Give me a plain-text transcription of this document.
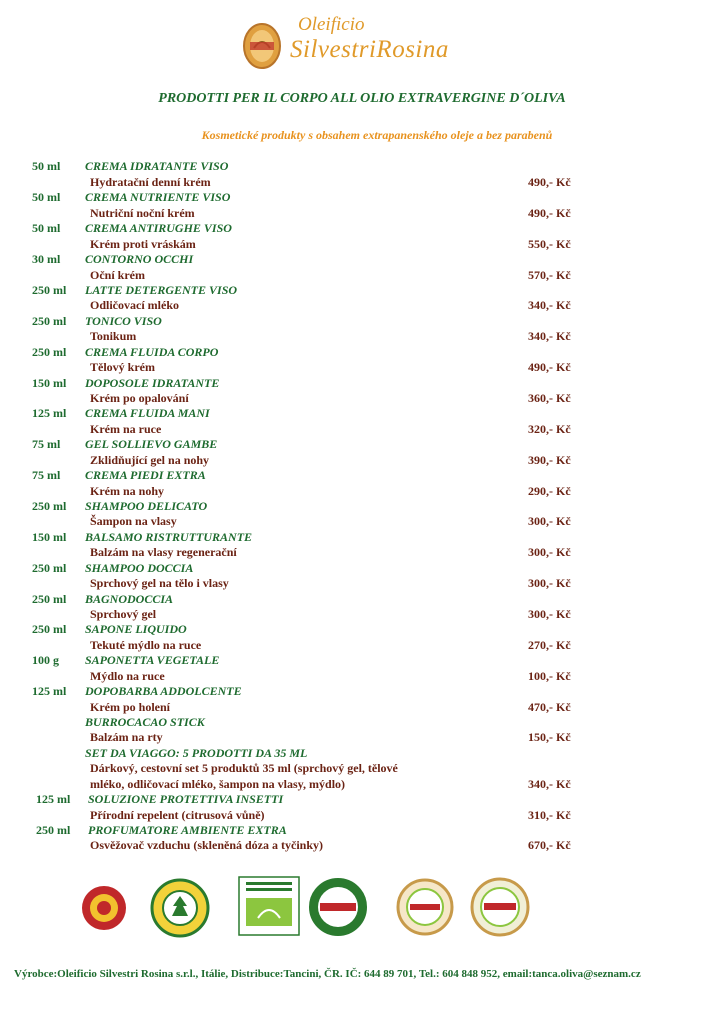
Oleificio
SilvestriRosina
PRODOTTI PER IL CORPO ALL OLIO EXTRAVERGINE D´OLIVA
Kosmetické produkty s obsahem extrapanenského oleje a bez parabenů
50 ml CREMA IDRATANTE VISO
Hydratační denní krém	490,- Kč
50 ml CREMA NUTRIENTE VISO
Nutriční noční krém	490,- Kč
50 ml CREMA ANTIRUGHE VISO
Krém proti vráskám	550,- Kč
30 ml CONTORNO OCCHI
Oční krém	570,- Kč
250 ml LATTE DETERGENTE VISO
Odličovací mléko	340,- Kč
250 ml TONICO VISO
Tonikum	340,- Kč
250 ml CREMA FLUIDA CORPO
Tělový krém	490,- Kč
150 ml DOPOSOLE IDRATANTE
Krém po opalování	360,- Kč
125 ml CREMA FLUIDA MANI
Krém na ruce	320,- Kč
75 ml GEL SOLLIEVO GAMBE
Zklidňující gel na nohy	390,- Kč
75 ml CREMA PIEDI EXTRA
Krém na nohy	290,- Kč
250 ml SHAMPOO DELICATO
Šampon na vlasy	300,- Kč
150 ml BALSAMO RISTRUTTURANTE
Balzám na vlasy regenerační	300,- Kč
250 ml SHAMPOO DOCCIA
Sprchový gel na tělo i vlasy	300,- Kč
250 ml BAGNODOCCIA
Sprchový gel	300,- Kč
250 ml SAPONE LIQUIDO
Tekuté mýdlo na ruce	270,- Kč
100 g SAPONETTA VEGETALE
Mýdlo na ruce	100,- Kč
125 ml DOPOBARBA ADDOLCENTE
Krém po holení	470,- Kč
BURROCACAO STICK
Balzám na rty	150,- Kč
SET DA VIAGGO: 5 PRODOTTI DA 35 ML
Dárkový, cestovní set 5 produktů 35 ml (sprchový gel, tělové
mléko, odličovací mléko, šampon na vlasy, mýdlo)	340,- Kč
125 ml SOLUZIONE PROTETTIVA INSETTI
Přírodní repelent (citrusová vůně)	310,- Kč
250 ml PROFUMATORE AMBIENTE EXTRA
Osvěžovač vzduchu (skleněná dóza a tyčinky)	670,- Kč
Výrobce:Oleificio Silvestri Rosina s.r.l., Itálie, Distribuce:Tancini, ČR. IČ: 644 89 701, Tel.: 604 848 952, email:tanca.oliva@seznam.cz
